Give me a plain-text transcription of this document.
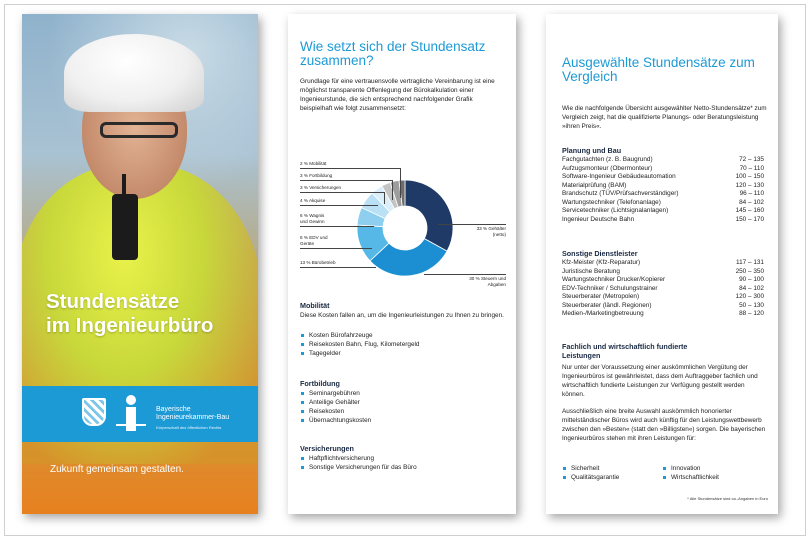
Stundensätze
im Ingenieurbüro
Bayerische
Ingenieurekammer-Bau
Körperschaft des öffentlichen Rechts
Zukunft gemeinsam gestalten.
Wie setzt sich der Stundensatz zusammen?
Grundlage für eine vertrauensvolle vertragliche Vereinbarung ist eine möglichst transparente Offenlegung der Bürokalkulation einer Ingenieurstunde, die sich entsprechend nachfolgender Grafik beispielhaft wie folgt zusammensetzt:
2 % Mobilität
3 % Fortbildung
3 % Versicherungen
4 % Akquise
6 % Wagnis
und Gewinn
6 % EDV und
Geräte
13 % Bürobetrieb
33 % Gehälter
(netto)
30 % Steuern und
Abgaben
Mobilität
Diese Kosten fallen an, um die Ingenieurleistungen zu Ihnen zu bringen.
Kosten Bürofahrzeuge
Reisekosten Bahn, Flug, Kilometergeld
Tagegelder
Fortbildung
Seminargebühren
Anteilige Gehälter
Reisekosten
Übernachtungskosten
Versicherungen
Haftpflichtversicherung
Sonstige Versicherungen für das Büro
Ausgewählte Stundensätze zum Vergleich
Wie die nachfolgende Übersicht ausgewählter Netto-Stundensätze* zum Vergleich zeigt, hat die qualifizierte Planungs- oder Beratungsleistung »ihren Preis«.
Planung und Bau
Fachgutachten (z. B. Baugrund)	72 – 135
Aufzugsmonteur (Obermonteur)	70 – 110
Software-Ingenieur Gebäudeautomation	100 – 150
Materialprüfung (BAM)	120 – 130
Brandschutz (TÜV/Prüfsachverständiger)	96 – 110
Wartungstechniker (Telefonanlage)	84 – 102
Servicetechniker (Lichtsignalanlagen)	145 – 160
Ingenieur Deutsche Bahn	150 – 170
Sonstige Dienstleister
Kfz-Meister (Kfz-Reparatur)	117 – 131
Juristische Beratung	250 – 350
Wartungstechniker Drucker/Kopierer	90 – 100
EDV-Techniker / Schulungstrainer	84 – 102
Steuerberater (Metropolen)	120 – 300
Steuerberater (ländl. Regionen)	50 – 130
Medien-/Marketingbetreuung	88 – 120
Fachlich und wirtschaftlich fundierte Leistungen
Nur unter der Voraussetzung einer auskömmlichen Vergütung der Ingenieurbüros ist gewährleistet, dass dem Auftraggeber fachlich und wirtschaftlich fundierte Leistungen zur Verfügung gestellt werden können.
Ausschließlich eine breite Auswahl auskömmlich honorierter mittelständischer Büros wird auch künftig für den Leistungswettbewerb zwischen den »Besten« (statt den »Billigsten«) sorgen. Die bayerischen Ingenieurbüros stehen mit ihren Leistungen für:
Sicherheit
Qualitätsgarantie
Innovation
Wirtschaftlichkeit
* Alle Stundensätze sind ca.-Angaben in Euro
